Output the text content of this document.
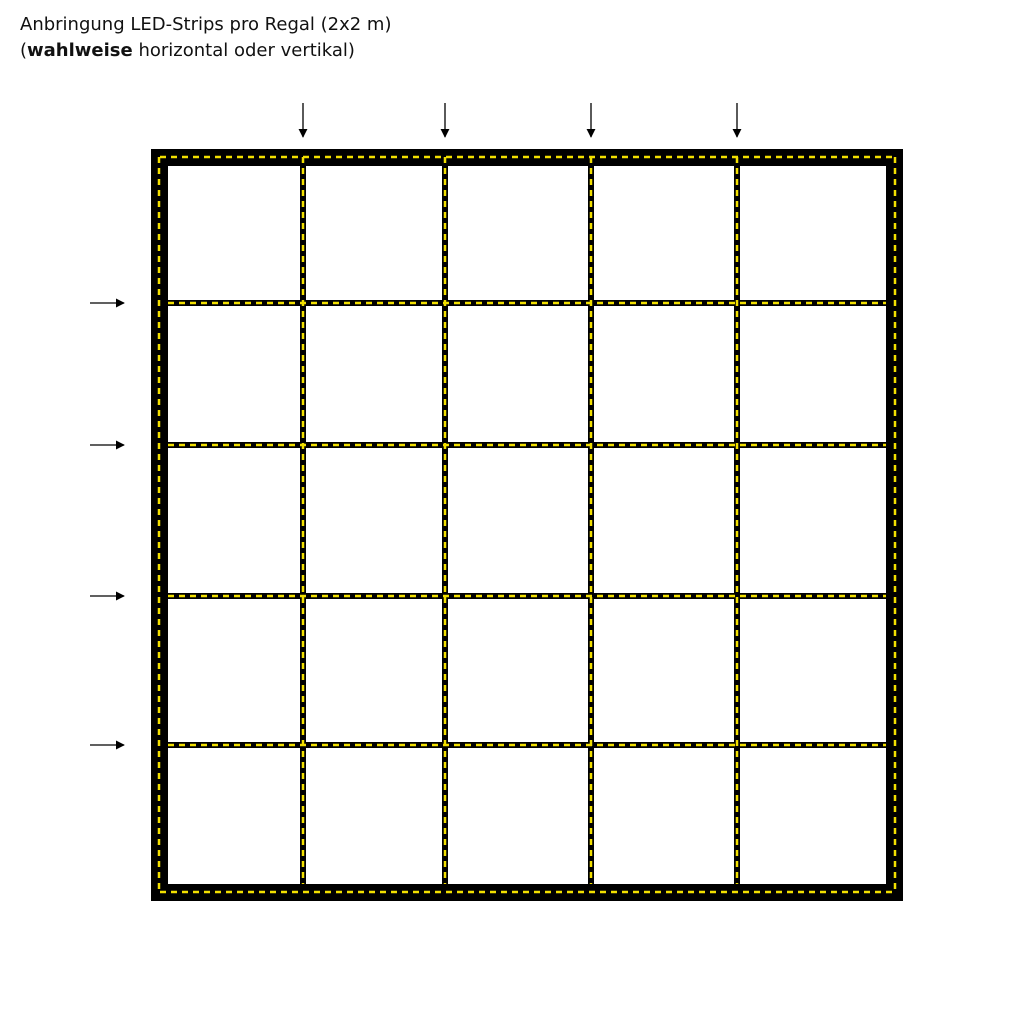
Anbringung LED-Strips pro Regal (2x2 m)
(wahlweise horizontal oder vertikal)
